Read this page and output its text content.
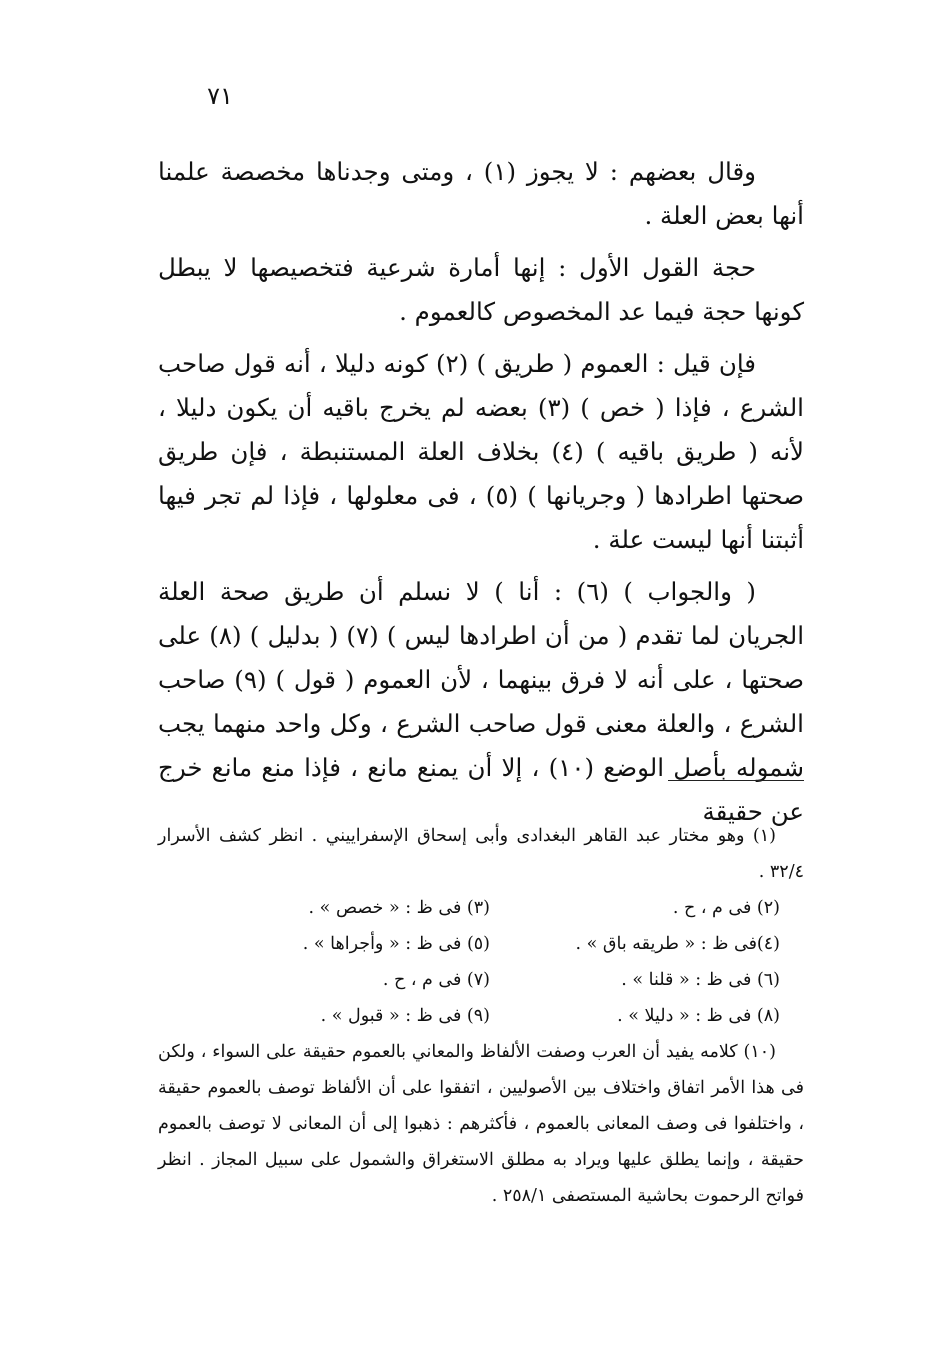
٧١

وقال بعضهم : لا يجوز (١) ، ومتى وجدناها مخصصة علمنا أنها بعض العلة .

حجة القول الأول : إنها أمارة شرعية فتخصيصها لا يبطل كونها حجة فيما عد المخصوص كالعموم .

فإن قيل : العموم ( طريق ) (٢) كونه دليلا ، أنه قول صاحب الشرع ، فإذا ( خص ) (٣) بعضه لم يخرج باقيه أن يكون دليلا ، لأنه ( طريق باقيه ) (٤) بخلاف العلة المستنبطة ، فإن طريق صحتها اطرادها ( وجريانها ) (٥) ، فى معلولها ، فإذا لم تجر فيها أثبتنا أنها ليست علة .

( والجواب ) (٦) : أنا ) لا نسلم أن طريق صحة العلة الجريان لما تقدم ( من أن اطرادها ليس ) (٧) ( بدليل ) (٨) على صحتها ، على أنه لا فرق بينهما ، لأن العموم ( قول ) (٩) صاحب الشرع ، والعلة معنى قول صاحب الشرع ، وكل واحد منهما يجب شموله بأصل الوضع (١٠) ، إلا أن يمنع مانع ، فإذا منع مانع خرج عن حقيقة

(١) وهو مختار عبد القاهر البغدادى وأبى إسحاق الإسفراييني . انظر كشف الأسرار ٣٢/٤ .

(٢) فى م ، ح .
(٣) فى ظ : « خصص » .
(٤)فى ظ : « طريقه باق » .
(٥) فى ظ : « وأجراها » .
(٦) فى ظ : « قلنا » .
(٧) فى م ، ح .
(٨) فى ظ : « دليلا » .
(٩) فى ظ : « قبول » .

(١٠) كلامه يفيد أن العرب وصفت الألفاظ والمعاني بالعموم حقيقة على السواء ، ولكن فى هذا الأمر اتفاق واختلاف بين الأصوليين ، اتفقوا على أن الألفاظ توصف بالعموم حقيقة ، واختلفوا فى وصف المعانى بالعموم ، فأكثرهم : ذهبوا إلى أن المعانى لا توصف بالعموم حقيقة ، وإنما يطلق عليها ويراد به مطلق الاستغراق والشمول على سبيل المجاز . انظر فواتح الرحموت بحاشية المستصفى ٢٥٨/١ .
